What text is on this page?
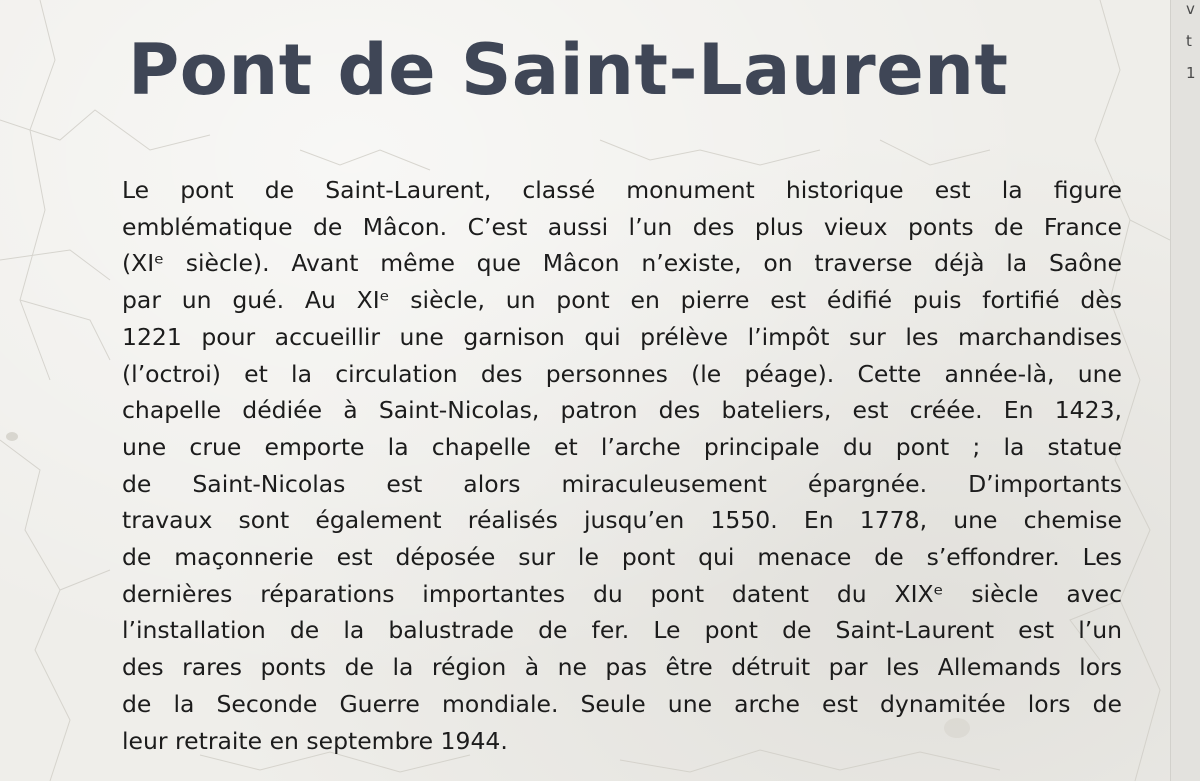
v
t
1
Pont de Saint-Laurent
Le pont de Saint-Laurent, classé monument historique est la figure
emblématique de Mâcon. C’est aussi l’un des plus vieux ponts de France
(XIᵉ siècle). Avant même que Mâcon n’existe, on traverse déjà la Saône
par un gué. Au XIᵉ siècle, un pont en pierre est édifié puis fortifié dès
1221 pour accueillir une garnison qui prélève l’impôt sur les marchandises
(l’octroi) et la circulation des personnes (le péage). Cette année-là, une
chapelle dédiée à Saint-Nicolas, patron des bateliers, est créée. En 1423,
une crue emporte la chapelle et l’arche principale du pont ; la statue
de Saint-Nicolas est alors miraculeusement épargnée. D’importants
travaux sont également réalisés jusqu’en 1550. En 1778, une chemise
de maçonnerie est déposée sur le pont qui menace de s’effondrer. Les
dernières réparations importantes du pont datent du XIXᵉ siècle avec
l’installation de la balustrade de fer. Le pont de Saint-Laurent est l’un
des rares ponts de la région à ne pas être détruit par les Allemands lors
de la Seconde Guerre mondiale. Seule une arche est dynamitée lors de
leur retraite en septembre 1944.
